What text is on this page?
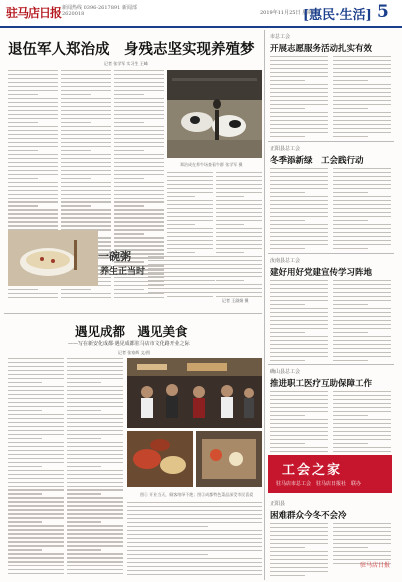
驻马店日报 新闻热线 0396-2617891 新闻部 2620018	2019年11月25日 星期一
[惠民·生活] 5
退伍军人郑治成　身残志坚实现养殖梦
记者 张学军 实习生 王峰
郑治成在养牛场查看牛群 张学军 摄
一碗粥
养生正当时
记者 王淑娟 摄
遇见成都　遇见美食
——写在新安化成都·遇见成都驻马店市文化路开业之际
记者 张家辉 文/图
图① 开业当天，顾客络绎不绝；图②成都特色菜品深受市民喜爱
市总工会
开展志愿服务活动扎实有效
正阳县总工会
冬季添新绿　工会践行动
汝南县总工会
建好用好党建宣传学习阵地
确山县总工会
推进职工医疗互助保障工作
工会之家
驻马店市总工会　驻马店日报社　联办
正阳县
困难群众今冬不会冷
驻马店日报
